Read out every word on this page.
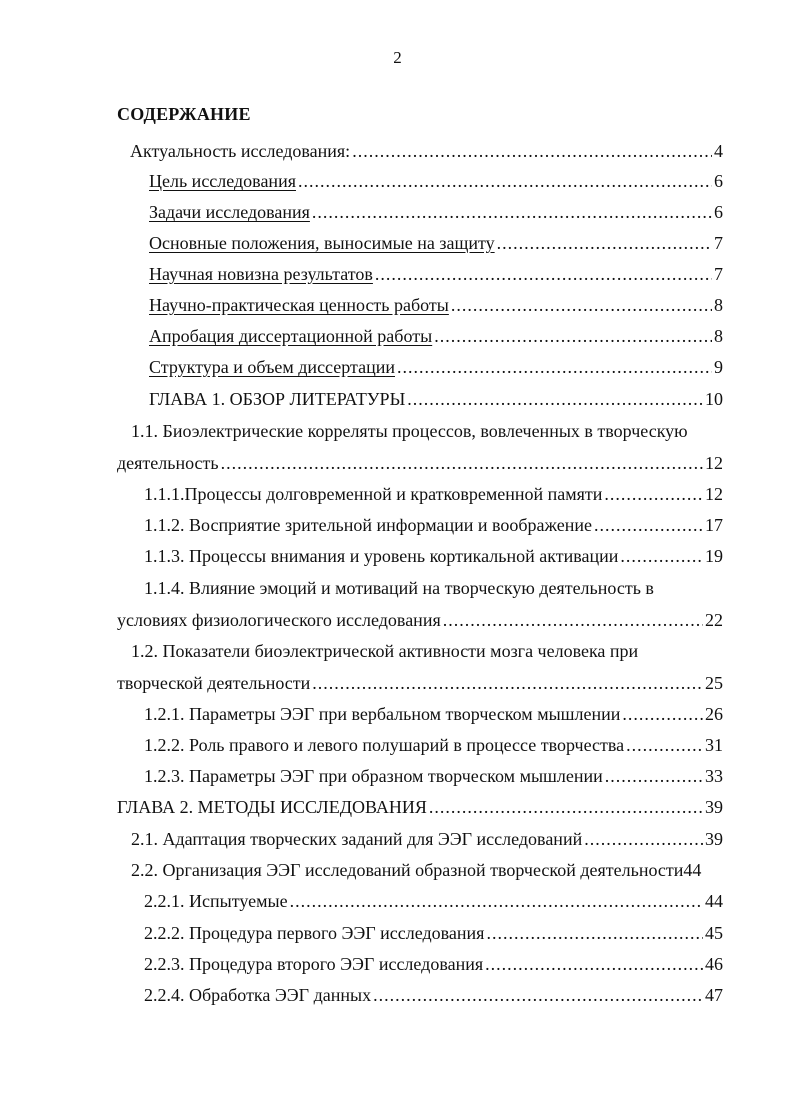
2
СОДЕРЖАНИЕ
Актуальность исследования: .....	4
Цель исследования .....	6
Задачи исследования .....	6
Основные положения, выносимые на защиту .....	7
Научная новизна результатов .....	7
Научно-практическая ценность работы .....	8
Апробация диссертационной работы .....	8
Структура и объем диссертации .....	9
ГЛАВА 1. ОБЗОР ЛИТЕРАТУРЫ .....	10
1.1. Биоэлектрические корреляты процессов, вовлеченных в творческую
деятельность .....	12
1.1.1.Процессы долговременной и кратковременной памяти .....	12
1.1.2. Восприятие зрительной информации и воображение .....	17
1.1.3. Процессы внимания и уровень кортикальной активации .....	19
1.1.4. Влияние эмоций и мотиваций на творческую деятельность в
условиях физиологического исследования .....	22
1.2. Показатели биоэлектрической активности мозга человека при
творческой деятельности .....	25
1.2.1. Параметры ЭЭГ при вербальном творческом мышлении .....	26
1.2.2. Роль правого и левого полушарий в процессе творчества .....	31
1.2.3. Параметры ЭЭГ при образном творческом мышлении .....	33
ГЛАВА 2. МЕТОДЫ ИССЛЕДОВАНИЯ .....	39
2.1. Адаптация творческих заданий для ЭЭГ исследований .....	39
2.2. Организация ЭЭГ исследований образной творческой деятельности 44
2.2.1. Испытуемые .....	44
2.2.2. Процедура первого ЭЭГ исследования .....	45
2.2.3. Процедура второго ЭЭГ исследования .....	46
2.2.4. Обработка ЭЭГ данных .....	47
